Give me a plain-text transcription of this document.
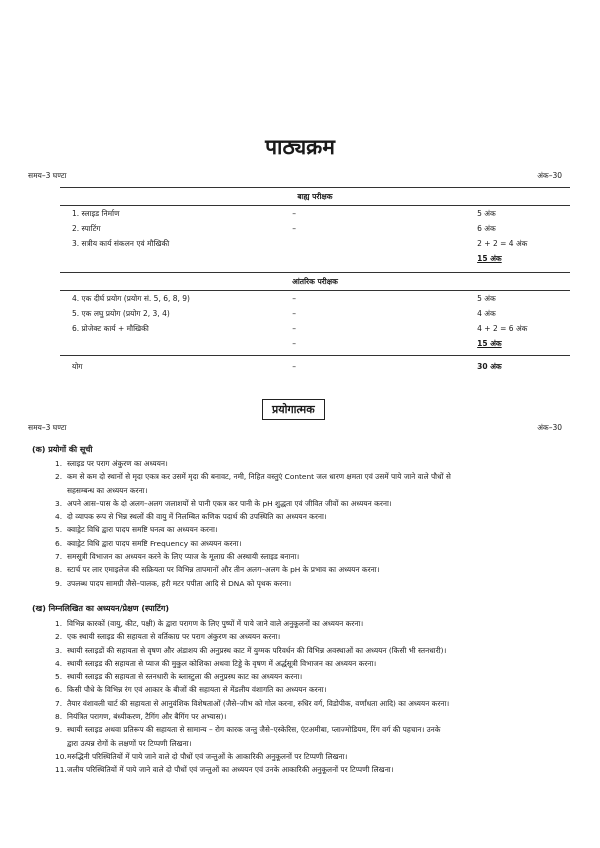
पाठ्यक्रम
समय–3 घण्टा	अंक–30
बाह्य परीक्षक		
1. स्लाइड निर्माण	–	5 अंक
2. स्पाटिंग	–	6 अंक
3. सत्रीय कार्य संकलन एवं मौखिकी		2 + 2 = 4 अंक
		15 अंक
आंतरिक परीक्षक		
4. एक दीर्घ प्रयोग (प्रयोग सं. 5, 6, 8, 9)	–	5 अंक
5. एक लघु प्रयोग (प्रयोग 2, 3, 4)	–	4 अंक
6. प्रोजेक्ट कार्य + मौखिकी	–	4 + 2 = 6 अंक
	–	15 अंक
योग	–	30 अंक
प्रयोगात्मक
समय–3 घण्टा	अंक–30
(क) प्रयोगों की सूची
1. स्लाइड पर पराग अंकुरण का अध्ययन।
2. कम से कम दो स्थानों से मृदा एकत्र कर उसमें मृदा की बनावट, नमी, निहित वस्तुएं Content जल धारण क्षमता एवं उसमें पाये जाने वाले पौधों से
सहसम्बन्ध का अध्ययन करना।
3. अपने आस–पास के दो अलग–अलग जलाशयों से पानी एकत्र कर पानी के pH शुद्धता एवं जीवित जीवों का अध्ययन करना।
4. दो व्यापक रूप से भिन्न स्थलों की वायु में निलम्बित कणिक पदार्थ की उपस्थिति का अध्ययन करना।
5. क्वाड्रेट विधि द्वारा पादप समष्टि घनत्व का अध्ययन करना।
6. क्वाड्रेट विधि द्वारा पादप समष्टि Frequency का अध्ययन करना।
7. समसूत्री विभाजन का अध्ययन करने के लिए प्याज के मूलाग्र की अस्थायी स्लाइड बनाना।
8. स्टार्च पर लार एमाइलेज की सक्रियता पर विभिन्न तापमानों और तीन अलग–अलग के pH के प्रभाव का अध्ययन करना।
9. उपलब्ध पादप सामग्री जैसे–पालक, हरी मटर पपीता आदि से DNA को पृथक करना।
(ख) निम्नलिखित का अध्ययन/प्रेक्षण (स्पाटिंग)
1. विभिन्न कारकों (वायु, कीट, पक्षी) के द्वारा परागण के लिए पुष्पों में पाये जाने वाले अनुकूलनों का अध्ययन करना।
2. एक स्थायी स्लाइड की सहायता से वर्तिकाग्र पर पराग अंकुरण का अध्ययन करना।
3. स्थायी स्लाइडों की सहायता से वृषण और अंडाशय की अनुप्रस्थ काट में युग्मक परिवर्धन की विभिन्न अवस्थाओं का अध्ययन (किसी भी स्तनधारी)।
4. स्थायी स्लाइड की सहायता से प्याज की मुकुल कोशिका अथवा टिड्डे के वृषण में अर्द्धसूत्री विभाजन का अध्ययन करना।
5. स्थायी स्लाइड की सहायता से स्तनधारी के ब्लास्टुला की अनुप्रस्थ काट का अध्ययन करना।
6. किसी पौधे के विभिन्न रंग एवं आकार के बीजों की सहायता से मेंडलीय वंशागति का अध्ययन करना।
7. तैयार वंशावली चार्ट की सहायता से आनुवंशिक विशेषताओं (जैसे–जीभ को गोल करना, रुधिर वर्ग, विडोपीक, वर्णांधता आदि) का अध्ययन करना।
8. नियंत्रित परागण, बंध्यीकरण, टैगिंग और बैगिंग पर अभ्यास)।
9. स्थायी स्लाइड अथवा प्रतिरूप की सहायता से सामान्य – रोग कारक जन्तु जैसे–एस्केरिस, एंटअमीबा, प्लाज्मोडियम, रिंग वर्ग की पहचान। उनके
द्वारा उत्पन्न रोगों के लक्षणों पर टिप्पणी लिखना।
10.मरुद्भिनी परिस्थितियों में पाये जाने वाले दो पौधों एवं जन्तुओं के आकारिकी अनुकूलनों पर टिप्पणी लिखना।
11.जलीय परिस्थितियों में पाये जाने वाले दो पौधों एवं जन्तुओं का अध्ययन एवं उनके आकारिकी अनुकूलनों पर टिप्पणी लिखना।
